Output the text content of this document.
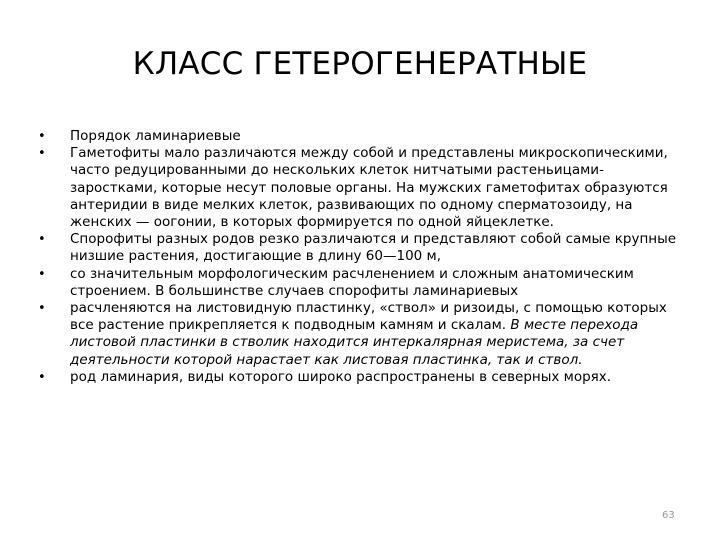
КЛАСС ГЕТЕРОГЕНЕРАТНЫЕ
• Порядок ламинариевые
• Гаметофиты мало различаются между собой и представлены микроскопическими, часто редуцированными до нескольких клеток нитчатыми растеньицами-заростками, которые несут половые органы. На мужских гаметофитах образуются антеридии в виде мелких клеток, развивающих по одному сперматозоиду, на женских — оогонии, в которых формируется по одной яйцеклетке.
• Спорофиты разных родов резко различаются и представляют собой самые крупные низшие растения, достигающие в длину 60—100 м,
• со значительным морфологическим расчленением и сложным анатомическим строением. В большинстве случаев спорофиты ламинариевых
• расчленяются на листовидную пластинку, «ствол» и ризоиды, с помощью которых все растение прикрепляется к подводным камням и скалам. В месте перехода листовой пластинки в стволик находится интеркалярная меристема, за счет деятельности которой нарастает как листовая пластинка, так и ствол.
• род ламинария, виды которого широко распространены в северных морях.
63
